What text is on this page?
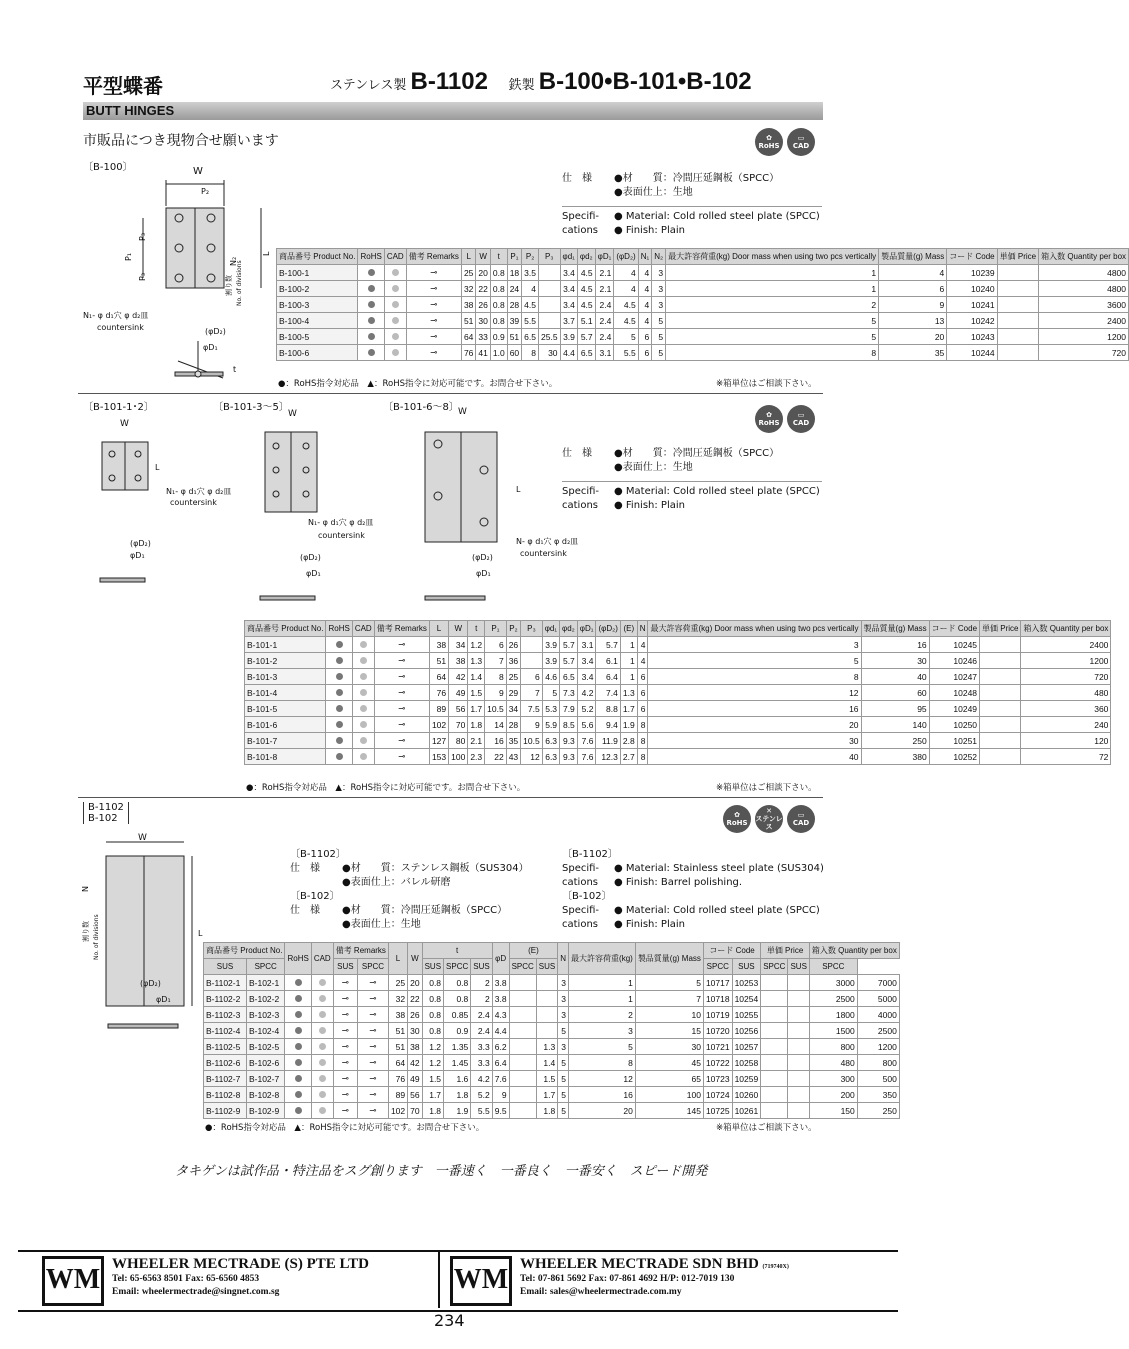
平型蝶番	ステンレス製 B-1102 鉄製 B-100•B-101•B-102
BUTT HINGES
市販品につき現物合せ願います	✿
RoHS
▭
CAD
〔B-100〕	W
P₂
P₃
P₁
P₃
N₂
L
割り数 No. of divisions
N₁- φ d₁穴 φ d₂皿
countersink	(φD₂)
φD₁
t
仕　様 ●材　　質：冷間圧延鋼板（SPCC）
●表面仕上：生地
Specifi-
cations● Material: Cold rolled steel plate (SPCC)
● Finish: Plain
商品番号 Product No.	RoHS	CAD	備考 Remarks	L	W	t	P₁	P₂	P₃	φd₁	φd₂	φD₁	(φD₂)	N₁	N₂	最大許容荷重(kg) Door mass when using two pcs vertically	製品質量(g) Mass	コード Code	単価 Price	箱入数 Quantity per box
B-100-1			⊸	25	20	0.8	18	3.5		3.4	4.5	2.1	4	4	3	1	4	10239		4800
B-100-2			⊸	32	22	0.8	24	4		3.4	4.5	2.1	4	4	3	1	6	10240		4800
B-100-3			⊸	38	26	0.8	28	4.5		3.4	4.5	2.4	4.5	4	3	2	9	10241		3600
B-100-4			⊸	51	30	0.8	39	5.5		3.7	5.1	2.4	4.5	4	5	5	13	10242		2400
B-100-5			⊸	64	33	0.9	51	6.5	25.5	3.9	5.7	2.4	5	6	5	5	20	10243		1200
B-100-6			⊸	76	41	1.0	60	8	30	4.4	6.5	3.1	5.5	6	5	8	35	10244		720
●：RoHS指令対応品　▲：RoHS指令に対応可能です。お問合せ下さい。	※箱単位はご相談下さい。
〔B-101-1･2〕	〔B-101-3〜5〕	〔B-101-6〜8〕
✿
RoHS
▭
CAD
W
L
N₁- φ d₁穴 φ d₂皿
countersink
W
N₁- φ d₁穴 φ d₂皿
countersink
W
L
N- φ d₁穴 φ d₂皿
countersink
(φD₂)
φD₁	(φD₂)
φD₁
(φD₂)
φD₁
仕　様 ●材　　質：冷間圧延鋼板（SPCC）
●表面仕上：生地
Specifi-
cations● Material: Cold rolled steel plate (SPCC)
● Finish: Plain
商品番号 Product No.	RoHS	CAD	備考 Remarks	L	W	t	P₁	P₂	P₃	φd₁	φd₂	φD₁	(φD₂)	(E)	N	最大許容荷重(kg) Door mass when using two pcs vertically	製品質量(g) Mass	コード Code	単価 Price	箱入数 Quantity per box
B-101-1			⊸	38	34	1.2	6	26		3.9	5.7	3.1	5.7	1	4	3	16	10245		2400
B-101-2			⊸	51	38	1.3	7	36		3.9	5.7	3.4	6.1	1	4	5	30	10246		1200
B-101-3			⊸	64	42	1.4	8	25	6	4.6	6.5	3.4	6.4	1	6	8	40	10247		720
B-101-4			⊸	76	49	1.5	9	29	7	5	7.3	4.2	7.4	1.3	6	12	60	10248		480
B-101-5			⊸	89	56	1.7	10.5	34	7.5	5.3	7.9	5.2	8.8	1.7	6	16	95	10249		360
B-101-6			⊸	102	70	1.8	14	28	9	5.9	8.5	5.6	9.4	1.9	8	20	140	10250		240
B-101-7			⊸	127	80	2.1	16	35	10.5	6.3	9.3	7.6	11.9	2.8	8	30	250	10251		120
B-101-8			⊸	153	100	2.3	22	43	12	6.3	9.3	7.6	12.3	2.7	8	40	380	10252		72
●：RoHS指令対応品　▲：RoHS指令に対応可能です。お問合せ下さい。	※箱単位はご相談下さい。
B-1102
B-102	✿
RoHS
✕
ステンレス
▭
CAD
W
N
割り数 No. of divisions	L
(φD₂)
φD₁
〔B-1102〕
仕　様 ●材　　質：ステンレス鋼板（SUS304）
●表面仕上：バレル研磨
〔B-102〕
仕　様 ●材　　質：冷間圧延鋼板（SPCC）
●表面仕上：生地
〔B-1102〕
Specifi-
cations● Material: Stainless steel plate (SUS304)
● Finish: Barrel polishing.
〔B-102〕
Specifi-
cations● Material: Cold rolled steel plate (SPCC)
● Finish: Plain
商品番号 Product No.		RoHS	CAD	備考 Remarks		L	W	t			φD	(E)		N	最大許容荷重(kg)	製品質量(g) Mass	コード Code		単価 Price		箱入数 Quantity per box	
SUS	SPCC			SUS	SPCC			SUS	SPCC	SUS		SPCC	SUS				SPCC	SUS	SPCC	SUS	SPCC	
B-1102-1	B-102-1			⊸	⊸	25	20	0.8	0.8	2	3.8			3	1	5	10717	10253			3000	7000
B-1102-2	B-102-2			⊸	⊸	32	22	0.8	0.8	2	3.8			3	1	7	10718	10254			2500	5000
B-1102-3	B-102-3			⊸	⊸	38	26	0.8	0.85	2.4	4.3			3	2	10	10719	10255			1800	4000
B-1102-4	B-102-4			⊸	⊸	51	30	0.8	0.9	2.4	4.4			5	3	15	10720	10256			1500	2500
B-1102-5	B-102-5			⊸	⊸	51	38	1.2	1.35	3.3	6.2		1.3	3	5	30	10721	10257			800	1200
B-1102-6	B-102-6			⊸	⊸	64	42	1.2	1.45	3.3	6.4		1.4	5	8	45	10722	10258			480	800
B-1102-7	B-102-7			⊸	⊸	76	49	1.5	1.6	4.2	7.6		1.5	5	12	65	10723	10259			300	500
B-1102-8	B-102-8			⊸	⊸	89	56	1.7	1.8	5.2	9		1.7	5	16	100	10724	10260			200	350
B-1102-9	B-102-9			⊸	⊸	102	70	1.8	1.9	5.5	9.5		1.8	5	20	145	10725	10261			150	250
●：RoHS指令対応品　▲：RoHS指令に対応可能です。お問合せ下さい。	※箱単位はご相談下さい。
タキゲンは試作品・特注品をスグ創ります　一番速く　一番良く　一番安く　スピード開発
WM WHEELER MECTRADE (S) PTE LTD
Tel: 65-6563 8501 Fax: 65-6560 4853
Email: wheelermectrade@singnet.com.sg	WM WHEELER MECTRADE SDN BHD (719740X)
Tel: 07-861 5692 Fax: 07-861 4692 H/P: 012-7019 130
Email: sales@wheelermectrade.com.my
234
